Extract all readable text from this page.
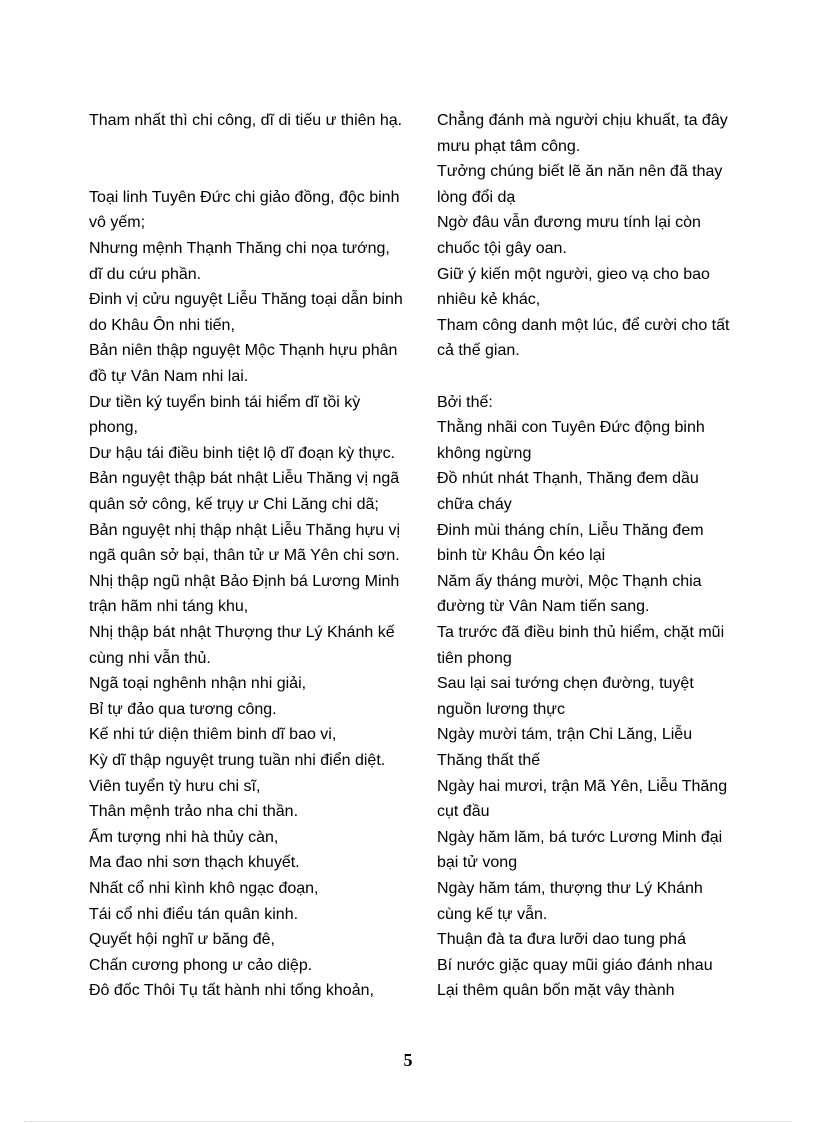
Tham nhất thì chi công, dĩ di tiếu ư thiên hạ.

Toại linh Tuyên Đức chi giảo đồng, độc binh

vô yếm;

Nhưng mệnh Thạnh Thăng chi nọa tướng,

dĩ du cứu phần.

Đinh vị cửu nguyệt Liễu Thăng toại dẫn binh

do Khâu Ôn nhi tiến,

Bản niên thập nguyệt Mộc Thạnh hựu phân

đồ tự Vân Nam nhi lai.

Dư tiền ký tuyển binh tái hiểm dĩ tồi kỳ

phong,

Dư hậu tái điều binh tiệt lộ dĩ đoạn kỳ thực.

Bản nguyệt thập bát nhật Liễu Thăng vị ngã

quân sở công, kế trụy ư Chi Lăng chi dã;

Bản nguyệt nhị thập nhật Liễu Thăng hựu vị

ngã quân sở bại, thân tử ư Mã Yên chi sơn.

Nhị thập ngũ nhật Bảo Định bá Lương Minh

trận hãm nhi táng khu,

Nhị thập bát nhật Thượng thư Lý Khánh kế

cùng nhi vẫn thủ.

Ngã toại nghênh nhận nhi giải,

Bỉ tự đảo qua tương công.

Kế nhi tứ diện thiêm binh dĩ bao vi,

Kỳ dĩ thập nguyệt trung tuần nhi điển diệt.

Viên tuyển tỳ hưu chi sĩ,

Thân mệnh trảo nha chi thần.

Ẩm tượng nhi hà thủy càn,

Ma đao nhi sơn thạch khuyết.

Nhất cổ nhi kình khô ngạc đoạn,

Tái cổ nhi điểu tán quân kinh.

Quyết hội nghĩ ư băng đê,

Chấn cương phong ư cảo diệp.

Đô đốc Thôi Tụ tất hành nhi tống khoản,

Chẳng đánh mà người chịu khuất, ta đây

mưu phạt tâm công.

Tưởng chúng biết lẽ ăn năn nên đã thay

lòng đổi dạ

Ngờ đâu vẫn đương mưu tính lại còn

chuốc tội gây oan.

Giữ ý kiến một người, gieo vạ cho bao

nhiêu kẻ khác,

Tham công danh một lúc, để cười cho tất

cả thế gian.

Bởi thế:

Thằng nhãi con Tuyên Đức động binh

không ngừng

Đồ nhút nhát Thạnh, Thăng đem dầu

chữa cháy

Đinh mùi tháng chín, Liễu Thăng đem

binh từ Khâu Ôn kéo lại

Năm ấy tháng mười, Mộc Thạnh chia

đường từ Vân Nam tiến sang.

Ta trước đã điều binh thủ hiểm, chặt mũi

tiên phong

Sau lại sai tướng chẹn đường, tuyệt

nguồn lương thực

Ngày mười tám, trận Chi Lăng, Liễu

Thăng thất thế

Ngày hai mươi, trận Mã Yên, Liễu Thăng

cụt đầu

Ngày hăm lăm, bá tước Lương Minh đại

bại tử vong

Ngày hăm tám, thượng thư Lý Khánh

cùng kế tự vẫn.

Thuận đà ta đưa lưỡi dao tung phá

Bí nước giặc quay mũi giáo đánh nhau

Lại thêm quân bốn mặt vây thành

5
